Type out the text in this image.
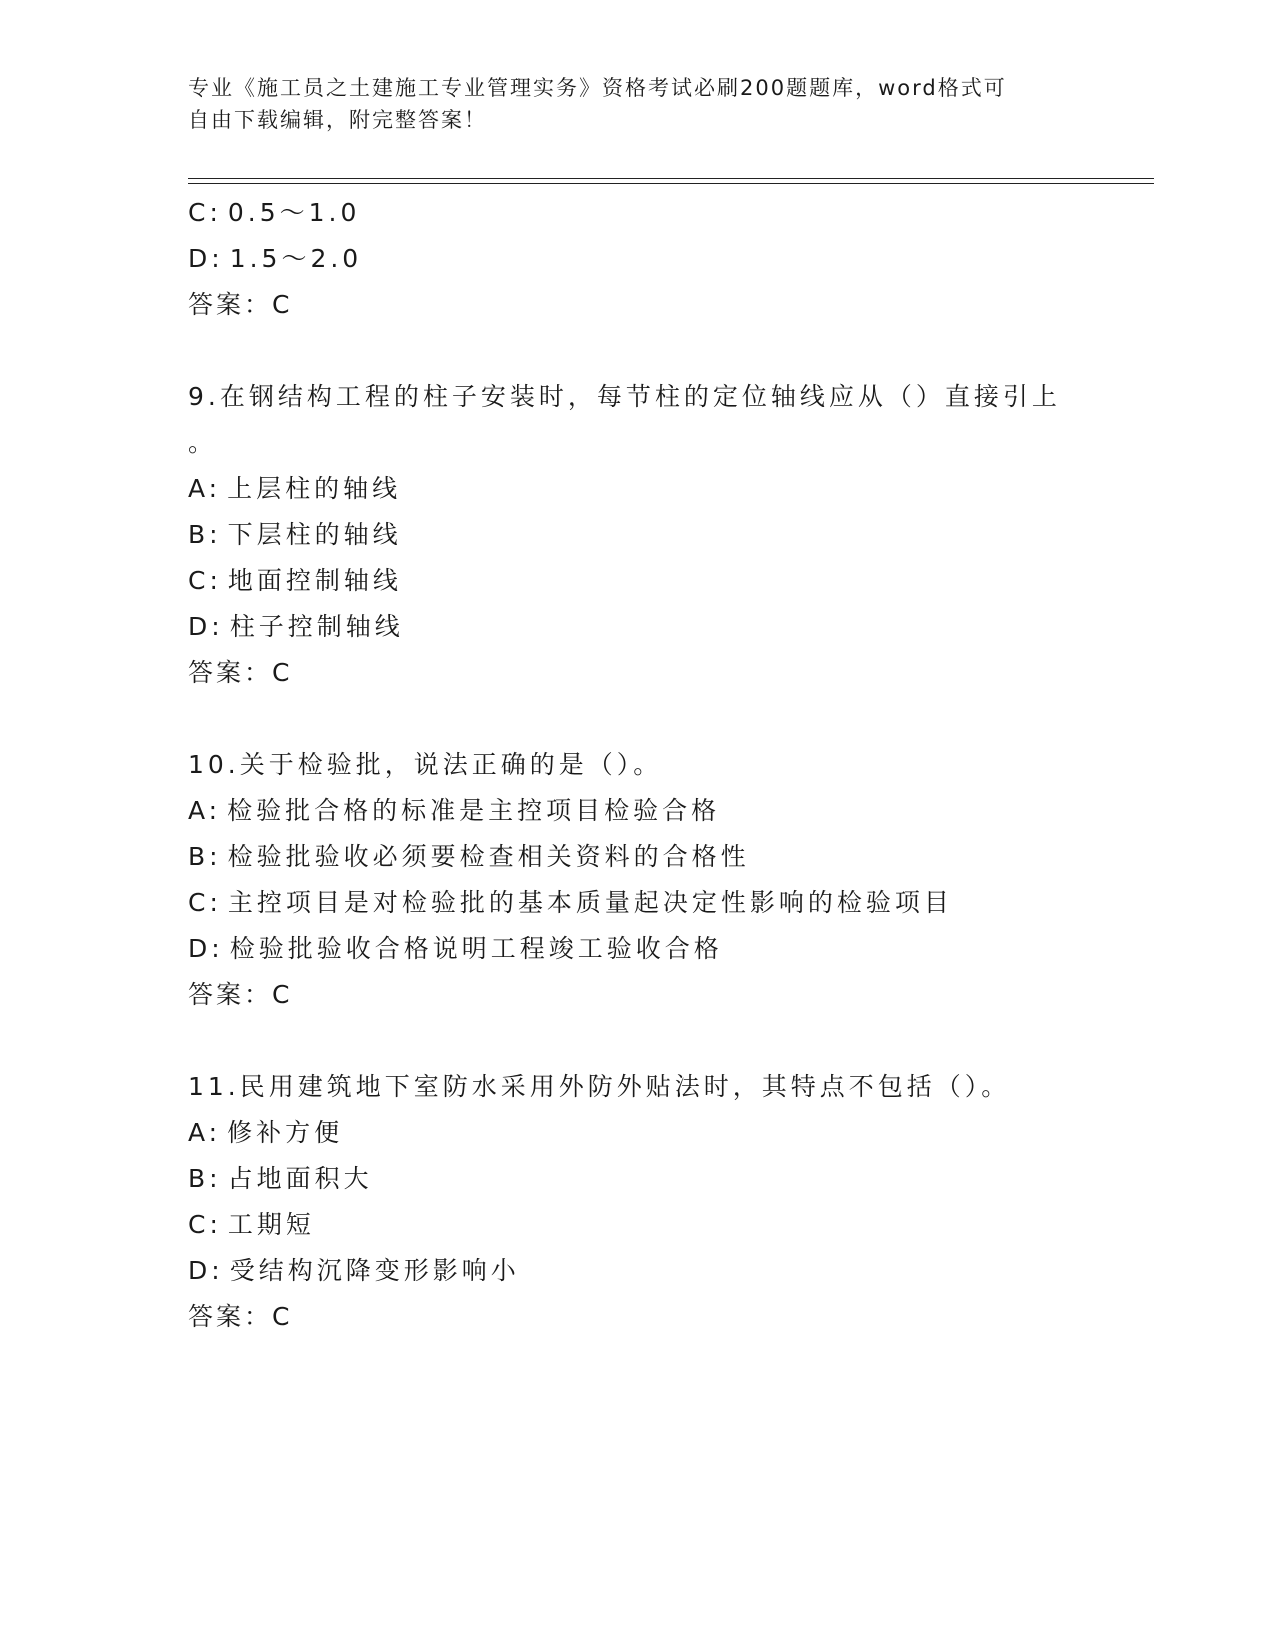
专业《施工员之土建施工专业管理实务》资格考试必刷200题题库，word格式可
自由下载编辑，附完整答案！
C: 0.5～1.0
D: 1.5～2.0
答案：C
9.在钢结构工程的柱子安装时，每节柱的定位轴线应从（）直接引上
。
A: 上层柱的轴线
B: 下层柱的轴线
C: 地面控制轴线
D: 柱子控制轴线
答案：C
10.关于检验批，说法正确的是（）。
A: 检验批合格的标准是主控项目检验合格
B: 检验批验收必须要检查相关资料的合格性
C: 主控项目是对检验批的基本质量起决定性影响的检验项目
D: 检验批验收合格说明工程竣工验收合格
答案：C
11.民用建筑地下室防水采用外防外贴法时，其特点不包括（）。
A: 修补方便
B: 占地面积大
C: 工期短
D: 受结构沉降变形影响小
答案：C
